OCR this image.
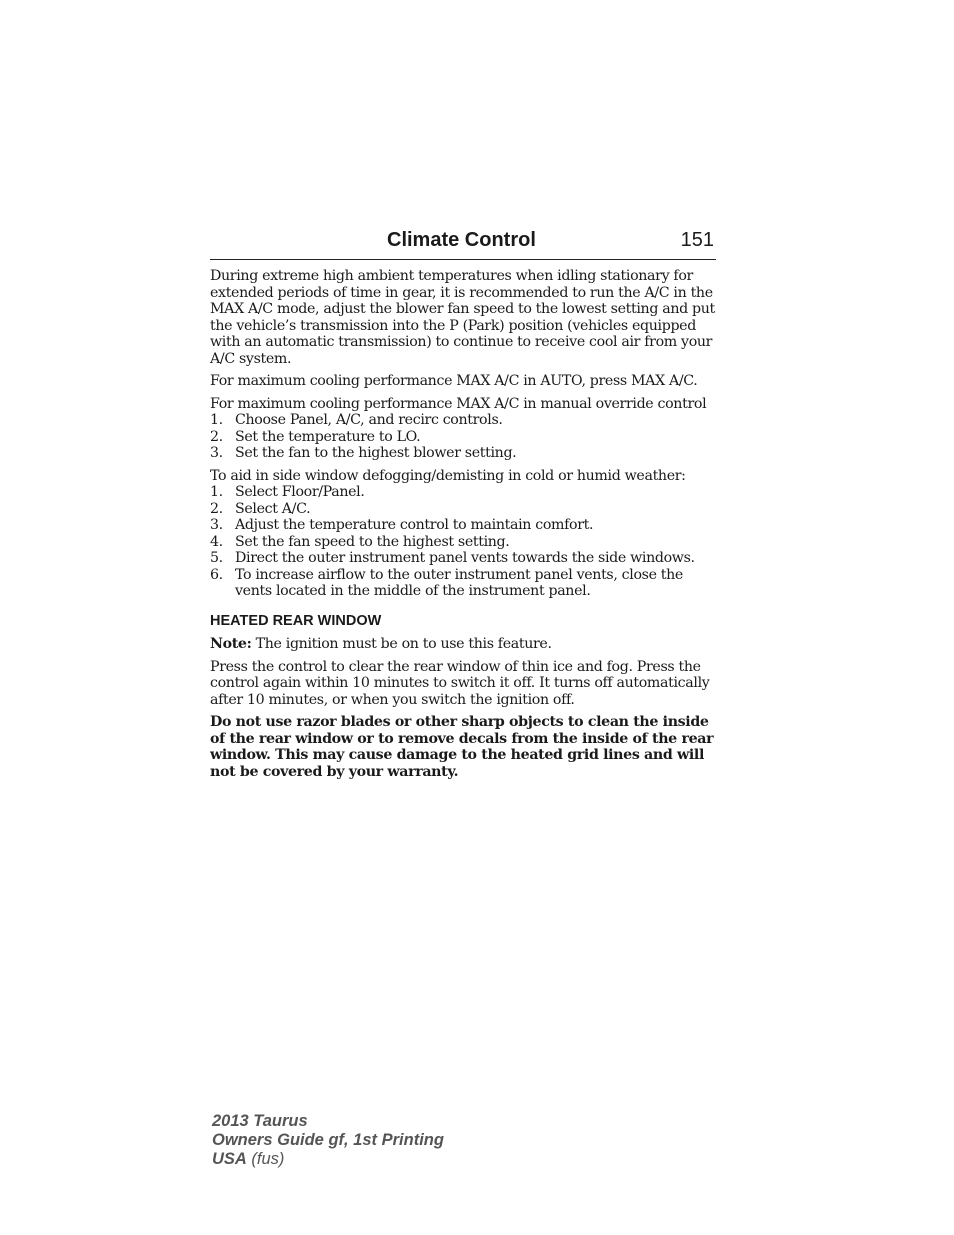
Climate Control	151

During extreme high ambient temperatures when idling stationary for extended periods of time in gear, it is recommended to run the A/C in the MAX A/C mode, adjust the blower fan speed to the lowest setting and put the vehicle’s transmission into the P (Park) position (vehicles equipped with an automatic transmission) to continue to receive cool air from your A/C system.

For maximum cooling performance MAX A/C in AUTO, press MAX A/C.

For maximum cooling performance MAX A/C in manual override control

1. Choose Panel, A/C, and recirc controls.
2. Set the temperature to LO.
3. Set the fan to the highest blower setting.

To aid in side window defogging/demisting in cold or humid weather:

1. Select Floor/Panel.
2. Select A/C.
3. Adjust the temperature control to maintain comfort.
4. Set the fan speed to the highest setting.
5. Direct the outer instrument panel vents towards the side windows.
6. To increase airflow to the outer instrument panel vents, close the vents located in the middle of the instrument panel.
HEATED REAR WINDOW

Note: The ignition must be on to use this feature.

Press the control to clear the rear window of thin ice and fog. Press the control again within 10 minutes to switch it off. It turns off automatically after 10 minutes, or when you switch the ignition off.

Do not use razor blades or other sharp objects to clean the inside of the rear window or to remove decals from the inside of the rear window. This may cause damage to the heated grid lines and will not be covered by your warranty.

2013 Taurus
Owners Guide gf, 1st Printing
USA (fus)
